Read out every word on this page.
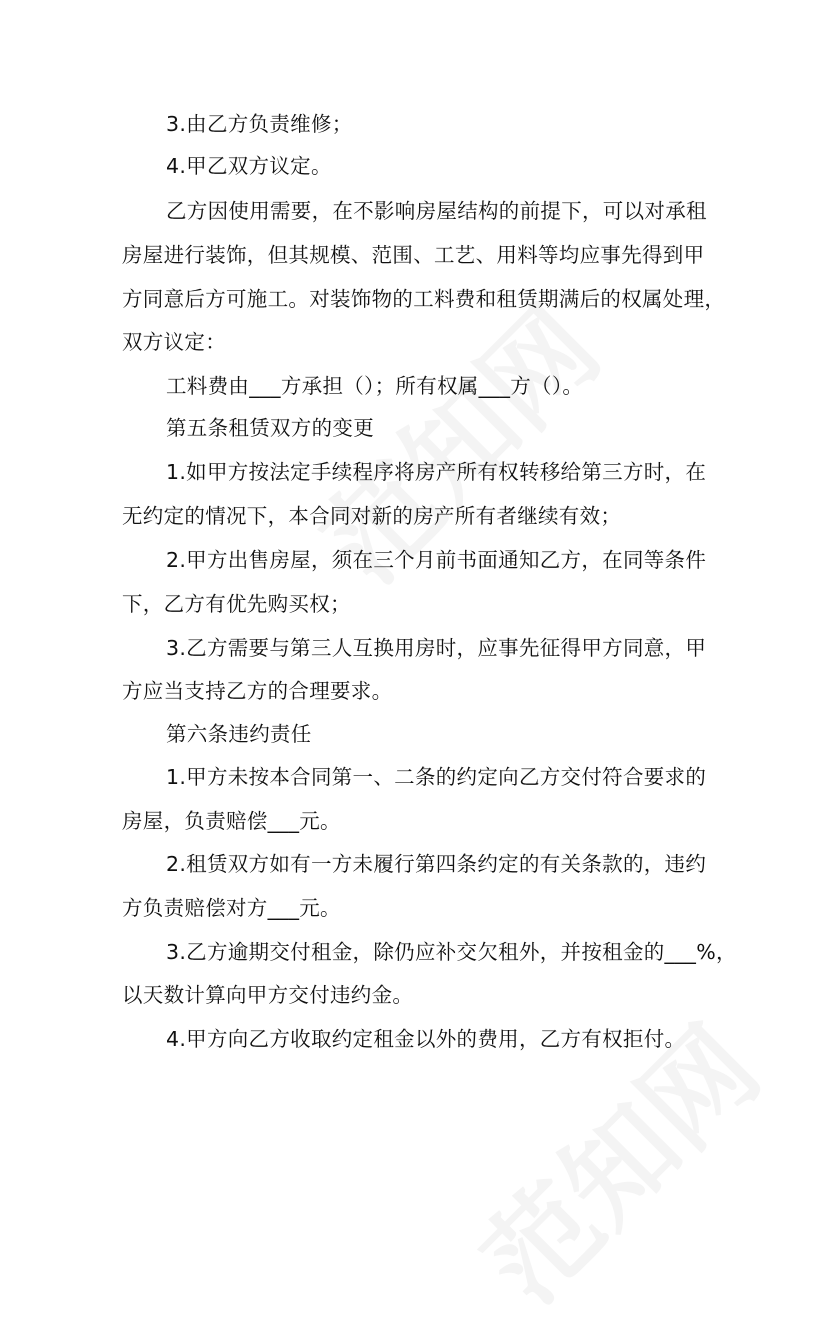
3.由乙方负责维修；
4.甲乙双方议定。
乙方因使用需要，在不影响房屋结构的前提下，可以对承租
房屋进行装饰，但其规模、范围、工艺、用料等均应事先得到甲
方同意后方可施工。对装饰物的工料费和租赁期满后的权属处理，
双方议定：
工料费由___方承担（）；所有权属___方（）。
第五条租赁双方的变更
1.如甲方按法定手续程序将房产所有权转移给第三方时，在
无约定的情况下，本合同对新的房产所有者继续有效；
2.甲方出售房屋，须在三个月前书面通知乙方，在同等条件
下，乙方有优先购买权；
3.乙方需要与第三人互换用房时，应事先征得甲方同意，甲
方应当支持乙方的合理要求。
第六条违约责任
1.甲方未按本合同第一、二条的约定向乙方交付符合要求的
房屋，负责赔偿___元。
2.租赁双方如有一方未履行第四条约定的有关条款的，违约
方负责赔偿对方___元。
3.乙方逾期交付租金，除仍应补交欠租外，并按租金的___%，
以天数计算向甲方交付违约金。
4.甲方向乙方收取约定租金以外的费用，乙方有权拒付。
